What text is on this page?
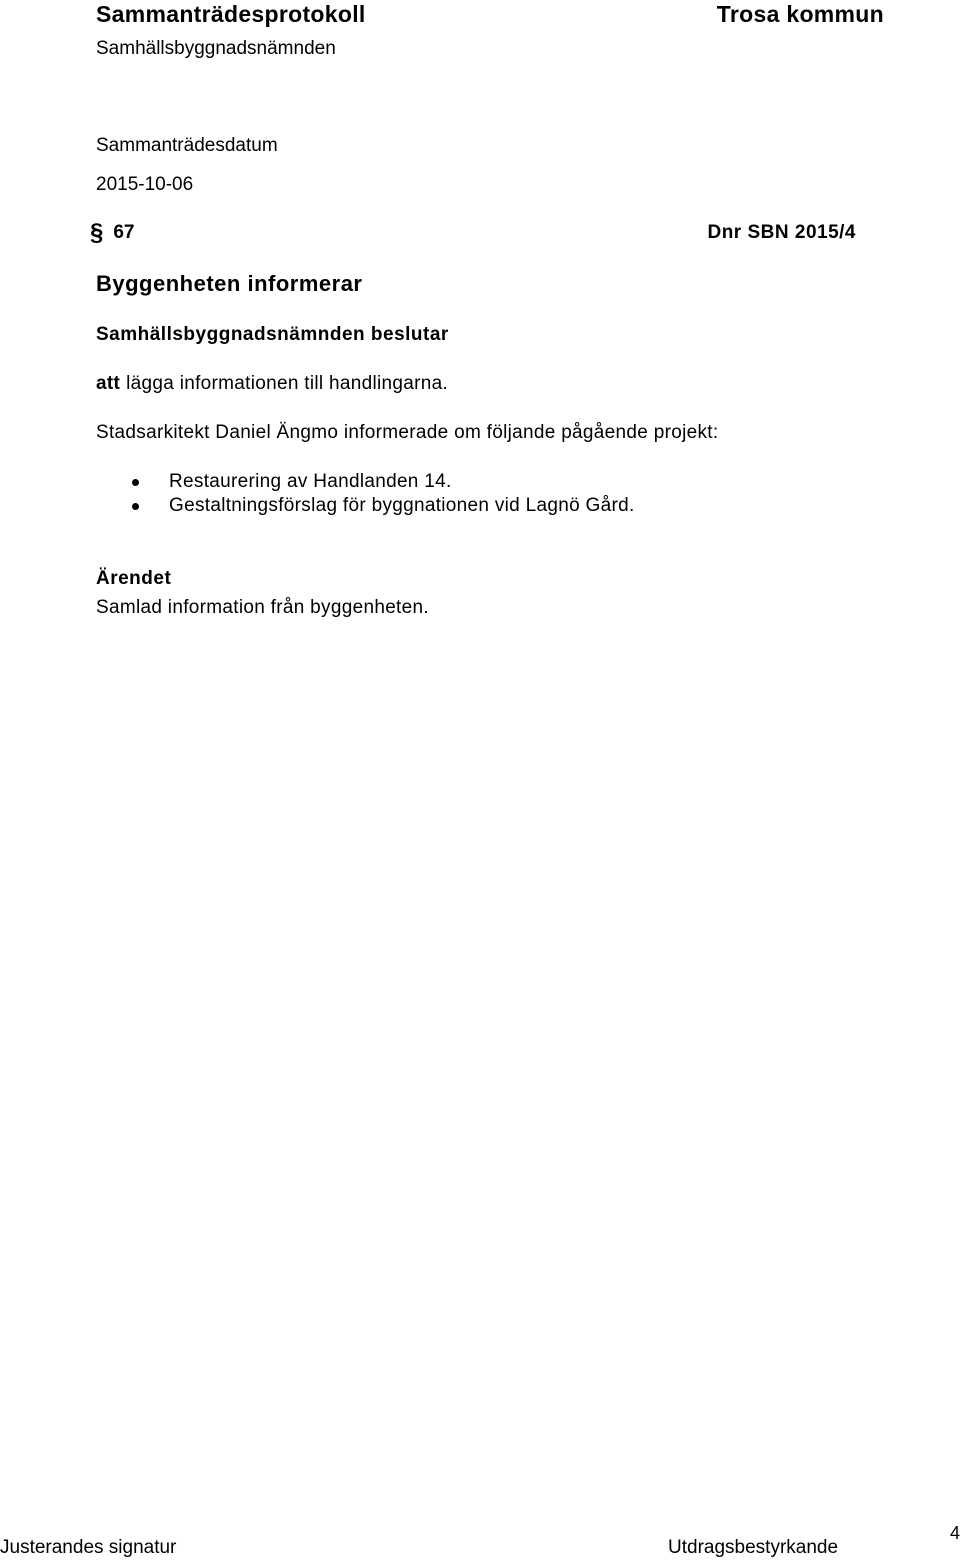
Sammanträdesprotokoll	Trosa kommun
Samhällsbyggnadsnämnden
Sammanträdesdatum
2015-10-06
§ 67	Dnr SBN 2015/4
Byggenheten informerar
Samhällsbyggnadsnämnden beslutar
att lägga informationen till handlingarna.
Stadsarkitekt Daniel Ängmo informerade om följande pågående projekt:
Restaurering av Handlanden 14.
Gestaltningsförslag för byggnationen vid Lagnö Gård.
Ärendet
Samlad information från byggenheten.
Justerandes signatur	Utdragsbestyrkande
4
